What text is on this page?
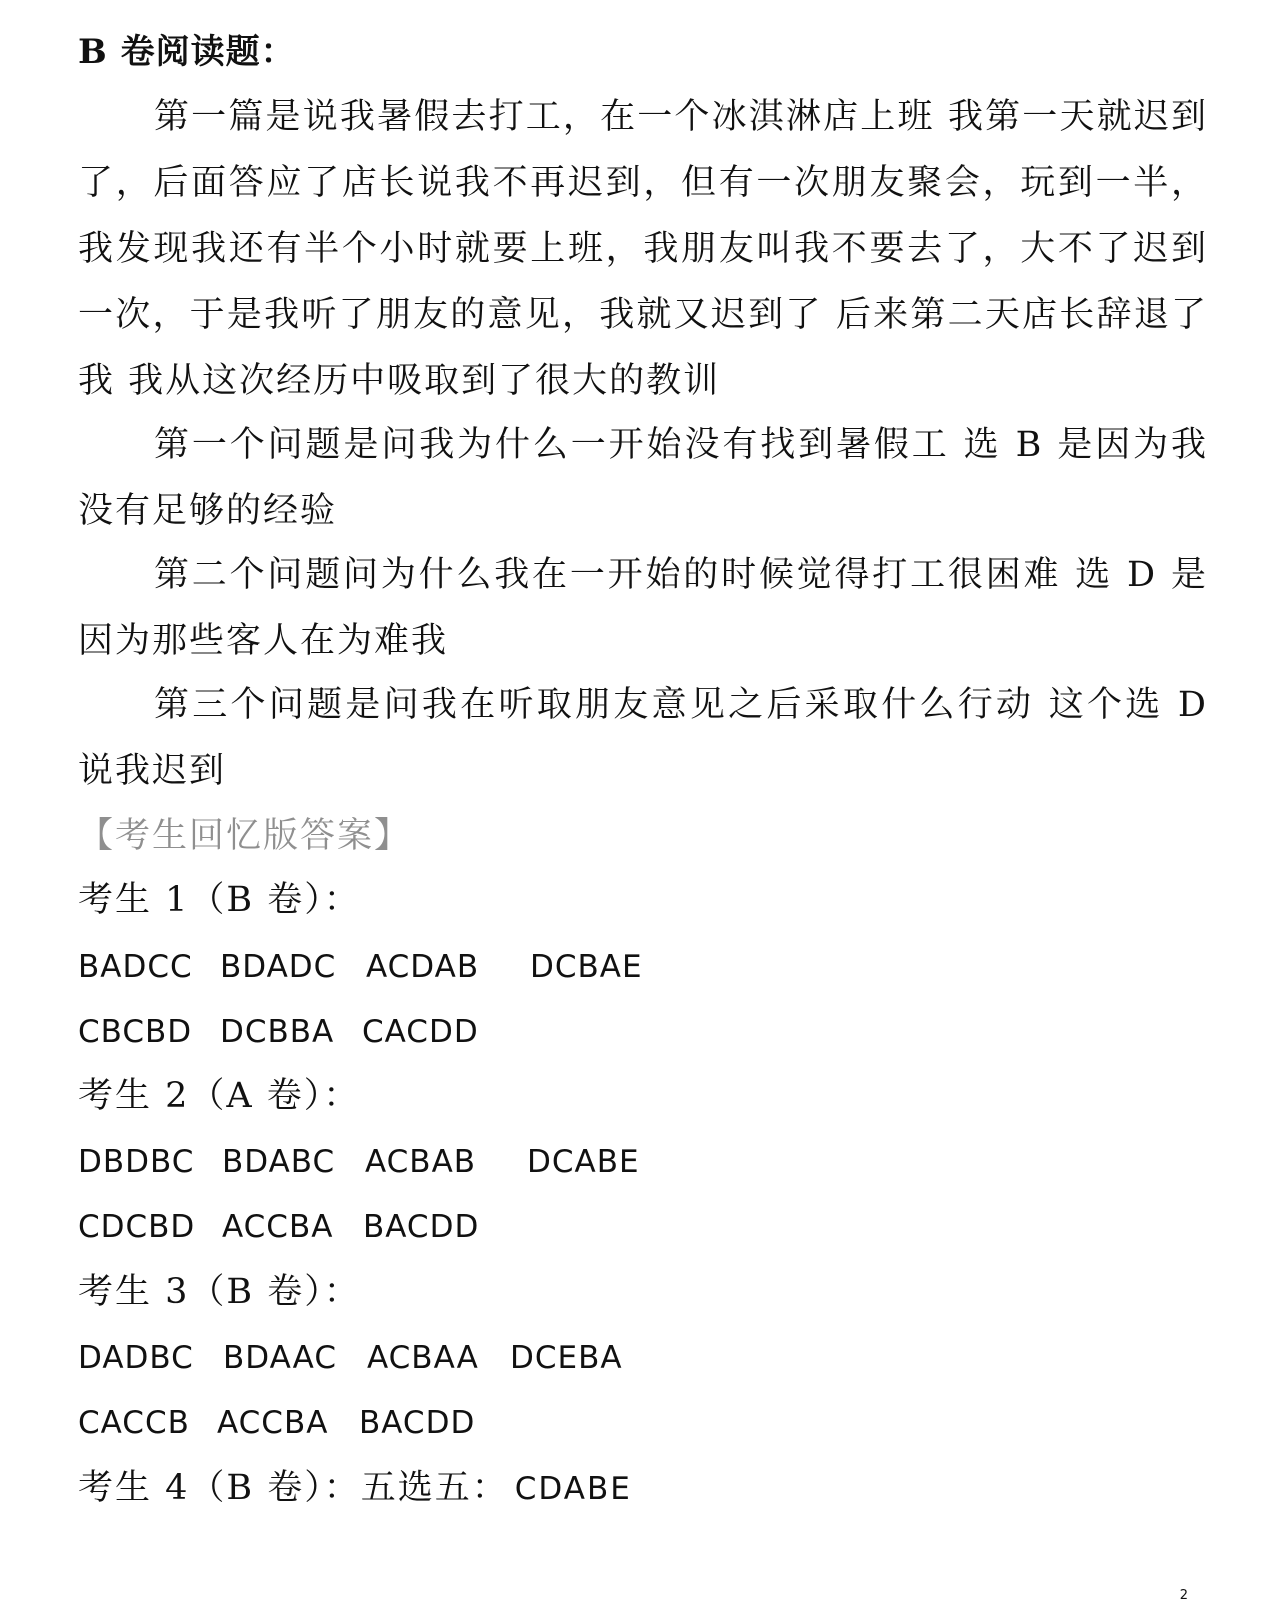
B 卷阅读题：
第一篇是说我暑假去打工，在一个冰淇淋店上班 我第一天就迟到了，后面答应了店长说我不再迟到，但有一次朋友聚会，玩到一半，我发现我还有半个小时就要上班，我朋友叫我不要去了，大不了迟到一次，于是我听了朋友的意见，我就又迟到了 后来第二天店长辞退了我 我从这次经历中吸取到了很大的教训
第一个问题是问我为什么一开始没有找到暑假工 选 B 是因为我没有足够的经验
第二个问题问为什么我在一开始的时候觉得打工很困难 选 D 是因为那些客人在为难我
第三个问题是问我在听取朋友意见之后采取什么行动 这个选 D 说我迟到
【考生回忆版答案】
考生 1（B 卷）：
BADCC BDADC ACDAB DCBAE
CBCBD DCBBA CACDD
考生 2（A 卷）：
DBDBC BDABC ACBAB DCABE
CDCBD ACCBA BACDD
考生 3（B 卷）：
DADBC BDAAC ACBAA DCEBA
CACCB ACCBA BACDD
考生 4（B 卷）：五选五： CDABE
2
